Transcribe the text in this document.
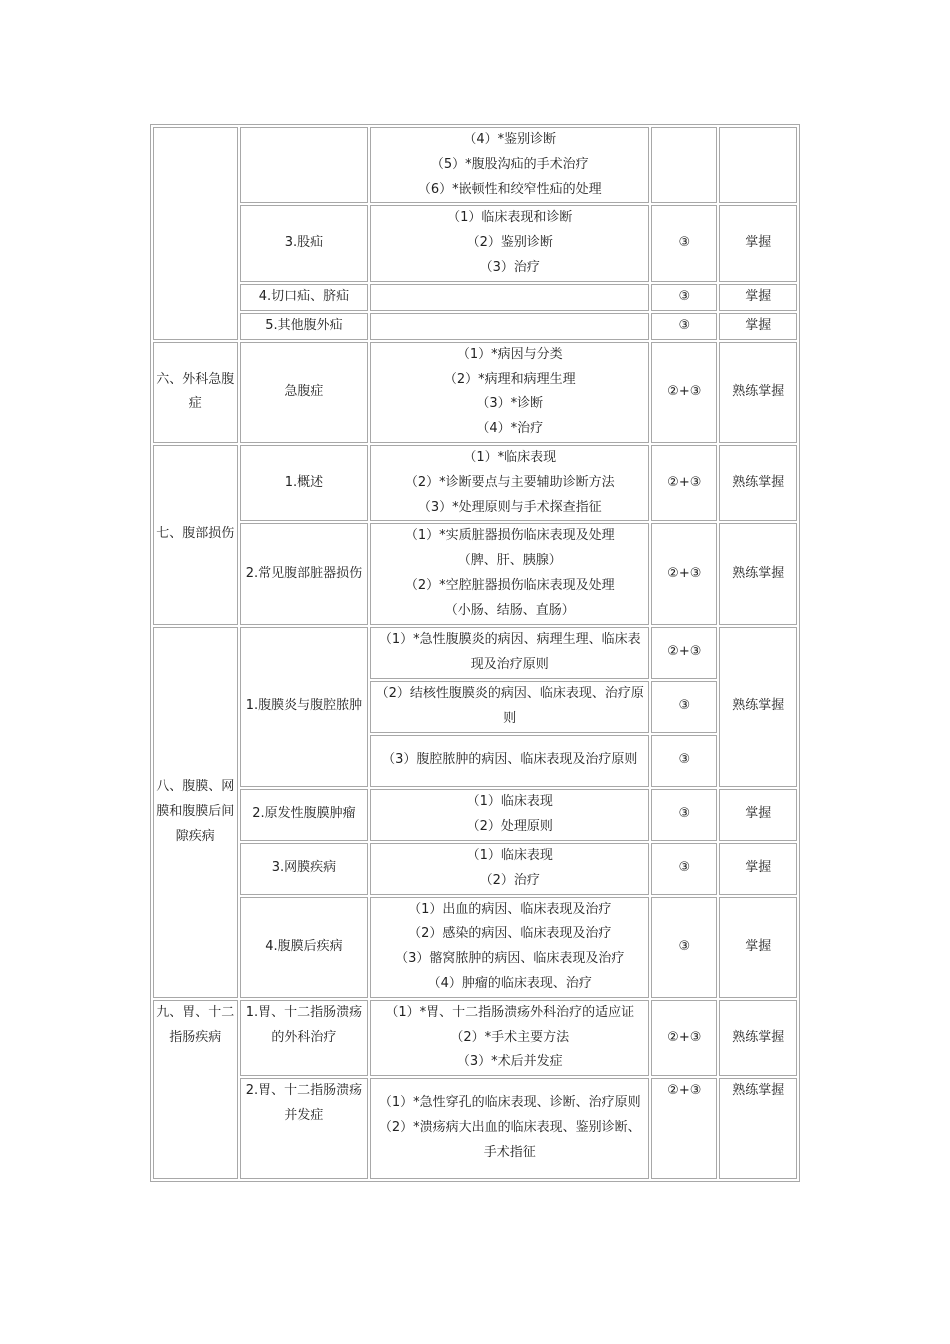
		（4）*鉴别诊断
（5）*腹股沟疝的手术治疗
（6）*嵌顿性和绞窄性疝的处理		

	3.股疝	（1）临床表现和诊断
（2）鉴别诊断
（3）治疗	③	掌握
	4.切口疝、脐疝		③	掌握
	5.其他腹外疝		③	掌握
六、外科急腹症	急腹症	（1）*病因与分类
（2）*病理和病理生理
（3）*诊断
（4）*治疗	②+③	熟练掌握
七、腹部损伤	1.概述	（1）*临床表现
（2）*诊断要点与主要辅助诊断方法
（3）*处理原则与手术探查指征	②+③	熟练掌握
	2.常见腹部脏器损伤	（1）*实质脏器损伤临床表现及处理
（脾、肝、胰腺）
（2）*空腔脏器损伤临床表现及处理
（小肠、结肠、直肠）	②+③	熟练掌握
八、腹膜、网膜和腹膜后间隙疾病	1.腹膜炎与腹腔脓肿	（1）*急性腹膜炎的病因、病理生理、临床表现及治疗原则	②+③	熟练掌握

		（2）结核性腹膜炎的病因、临床表现、治疗原则	③	

		（3）腹腔脓肿的病因、临床表现及治疗原则	③	
	2.原发性腹膜肿瘤	（1）临床表现
（2）处理原则	③	掌握
	3.网膜疾病	（1）临床表现
（2）治疗	③	掌握
	4.腹膜后疾病	（1）出血的病因、临床表现及治疗
（2）感染的病因、临床表现及治疗
（3）髂窝脓肿的病因、临床表现及治疗
（4）肿瘤的临床表现、治疗	③	掌握
九、胃、十二指肠疾病	1.胃、十二指肠溃疡的外科治疗	（1）*胃、十二指肠溃疡外科治疗的适应证
（2）*手术主要方法
（3）*术后并发症	②+③	熟练掌握
	2.胃、十二指肠溃疡并发症	（1）*急性穿孔的临床表现、诊断、治疗原则
（2）*溃疡病大出血的临床表现、鉴别诊断、手术指征	②+③	熟练掌握
